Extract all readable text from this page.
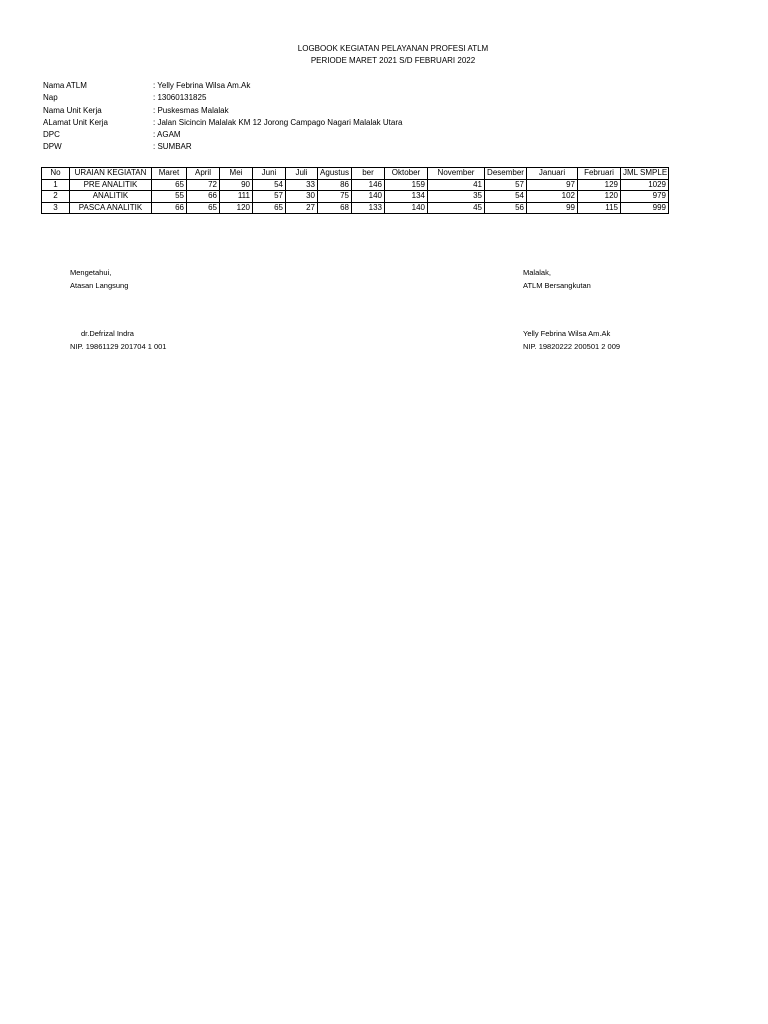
LOGBOOK KEGIATAN PELAYANAN PROFESI ATLM
PERIODE MARET 2021 S/D FEBRUARI 2022
Nama ATLM	: Yelly Febrina Wilsa Am.Ak
Nap	: 13060131825
Nama Unit Kerja	: Puskesmas Malalak
ALamat Unit Kerja	: Jalan Sicincin Malalak KM 12 Jorong Campago Nagari Malalak Utara
DPC	: AGAM
DPW	: SUMBAR
No	URAIAN KEGIATAN	Maret	April	Mei	Juni	Juli	Agustus	ber	Oktober	November	Desember	Januari	Februari	JML SMPLE
1	PRE ANALITIK	65	72	90	54	33	86	146	159	41	57	97	129	1029
2	ANALITIK	55	66	111	57	30	75	140	134	35	54	102	120	979
3	PASCA ANALITIK	66	65	120	65	27	68	133	140	45	56	99	115	999
Mengetahui,
Atasan Langsung
Malalak,
ATLM Bersangkutan
dr.Defrizal Indra
NIP. 19861129 201704 1 001
Yelly Febrina Wilsa Am.Ak
NIP. 19820222 200501 2 009
